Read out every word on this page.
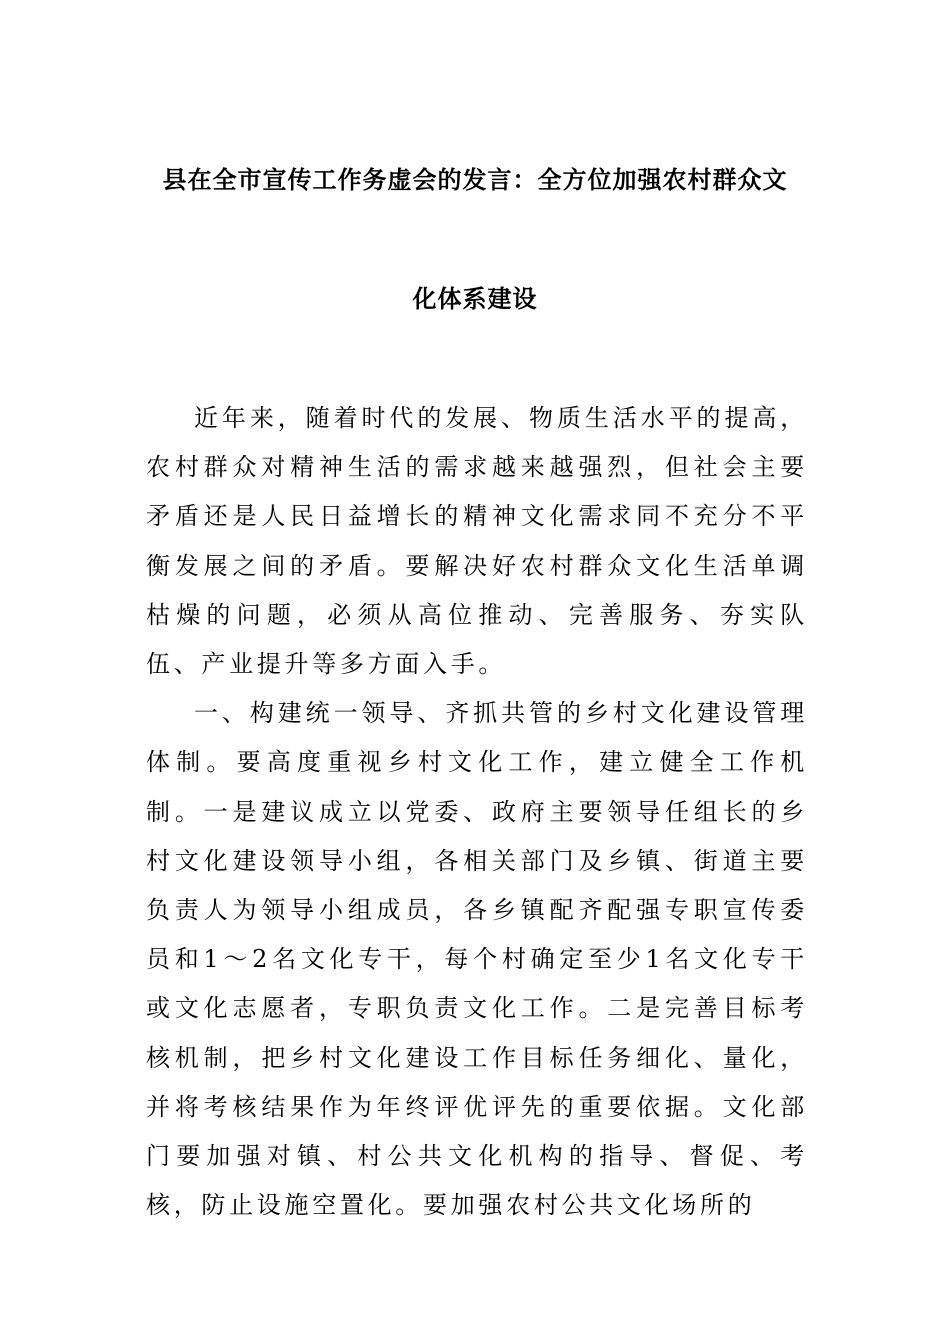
县在全市宣传工作务虚会的发言：全方位加强农村群众文
化体系建设

近年来，随着时代的发展、物质生活水平的提高，农村群众对精神生活的需求越来越强烈，但社会主要矛盾还是人民日益增长的精神文化需求同不充分不平衡发展之间的矛盾。要解决好农村群众文化生活单调枯燥的问题，必须从高位推动、完善服务、夯实队伍、产业提升等多方面入手。

一、构建统一领导、齐抓共管的乡村文化建设管理体制。要高度重视乡村文化工作，建立健全工作机制。一是建议成立以党委、政府主要领导任组长的乡村文化建设领导小组，各相关部门及乡镇、街道主要负责人为领导小组成员，各乡镇配齐配强专职宣传委员和1～2名文化专干，每个村确定至少1名文化专干或文化志愿者，专职负责文化工作。二是完善目标考核机制，把乡村文化建设工作目标任务细化、量化，并将考核结果作为年终评优评先的重要依据。文化部门要加强对镇、村公共文化机构的指导、督促、考核，防止设施空置化。要加强农村公共文化场所的
